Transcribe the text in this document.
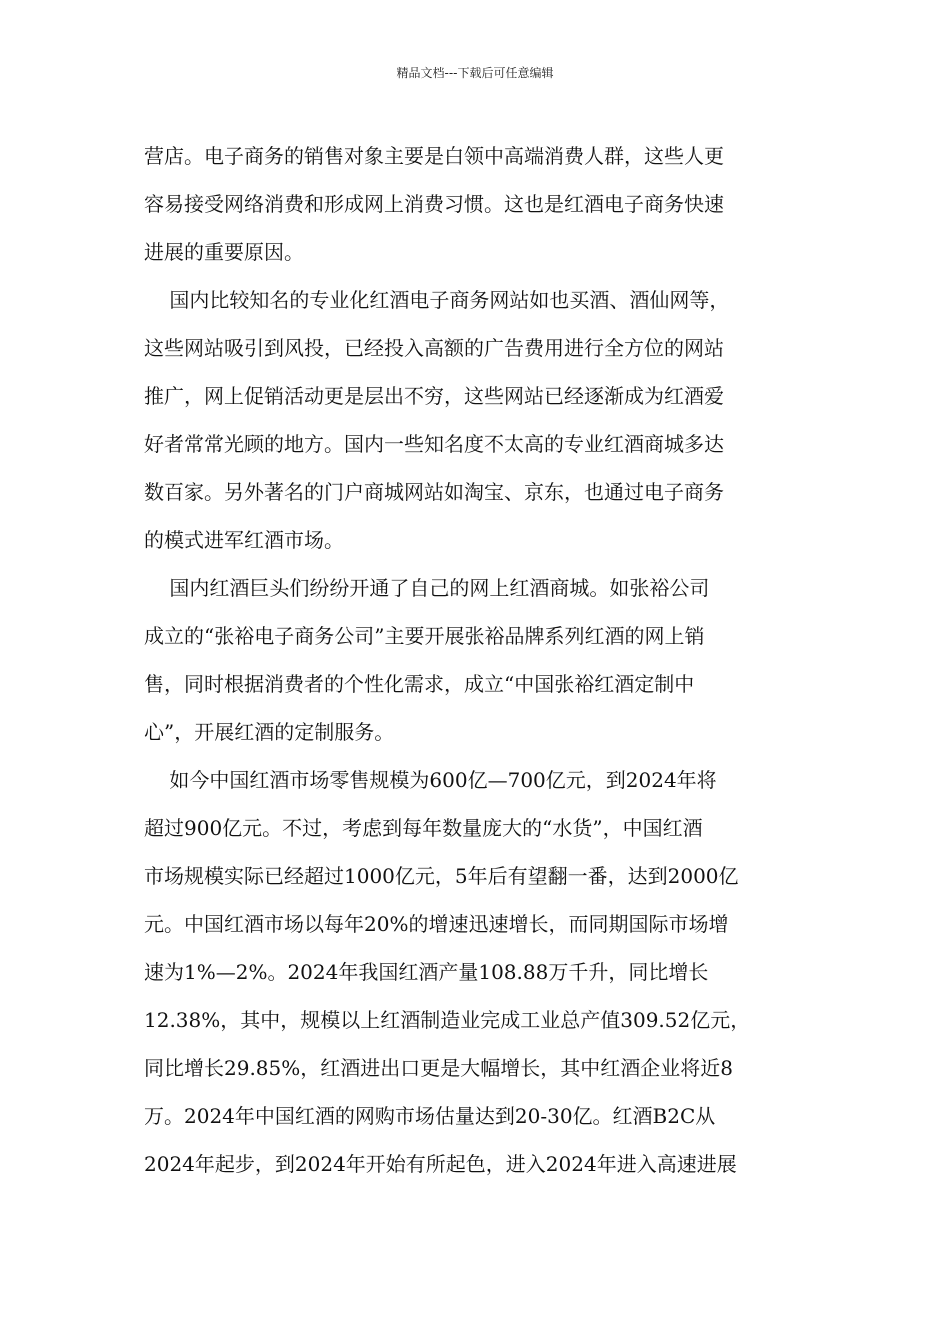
精品文档---下载后可任意编辑
营店。电子商务的销售对象主要是白领中高端消费人群，这些人更
容易接受网络消费和形成网上消费习惯。这也是红酒电子商务快速
进展的重要原因。
国内比较知名的专业化红酒电子商务网站如也买酒、酒仙网等，
这些网站吸引到风投，已经投入高额的广告费用进行全方位的网站
推广，网上促销活动更是层出不穷，这些网站已经逐渐成为红酒爱
好者常常光顾的地方。国内一些知名度不太高的专业红酒商城多达
数百家。另外著名的门户商城网站如淘宝、京东，也通过电子商务
的模式进军红酒市场。
国内红酒巨头们纷纷开通了自己的网上红酒商城。如张裕公司
成立的“张裕电子商务公司”主要开展张裕品牌系列红酒的网上销
售，同时根据消费者的个性化需求，成立“中国张裕红酒定制中
心”，开展红酒的定制服务。
如今中国红酒市场零售规模为600亿—700亿元，到2024年将
超过900亿元。不过，考虑到每年数量庞大的“水货”，中国红酒
市场规模实际已经超过1000亿元，5年后有望翻一番，达到2000亿
元。中国红酒市场以每年20%的增速迅速增长，而同期国际市场增
速为1%—2%。2024年我国红酒产量108.88万千升，同比增长
12.38%，其中，规模以上红酒制造业完成工业总产值309.52亿元，
同比增长29.85%，红酒进出口更是大幅增长，其中红酒企业将近8
万。2024年中国红酒的网购市场估量达到20-30亿。红酒B2C从
2024年起步，到2024年开始有所起色，进入2024年进入高速进展
